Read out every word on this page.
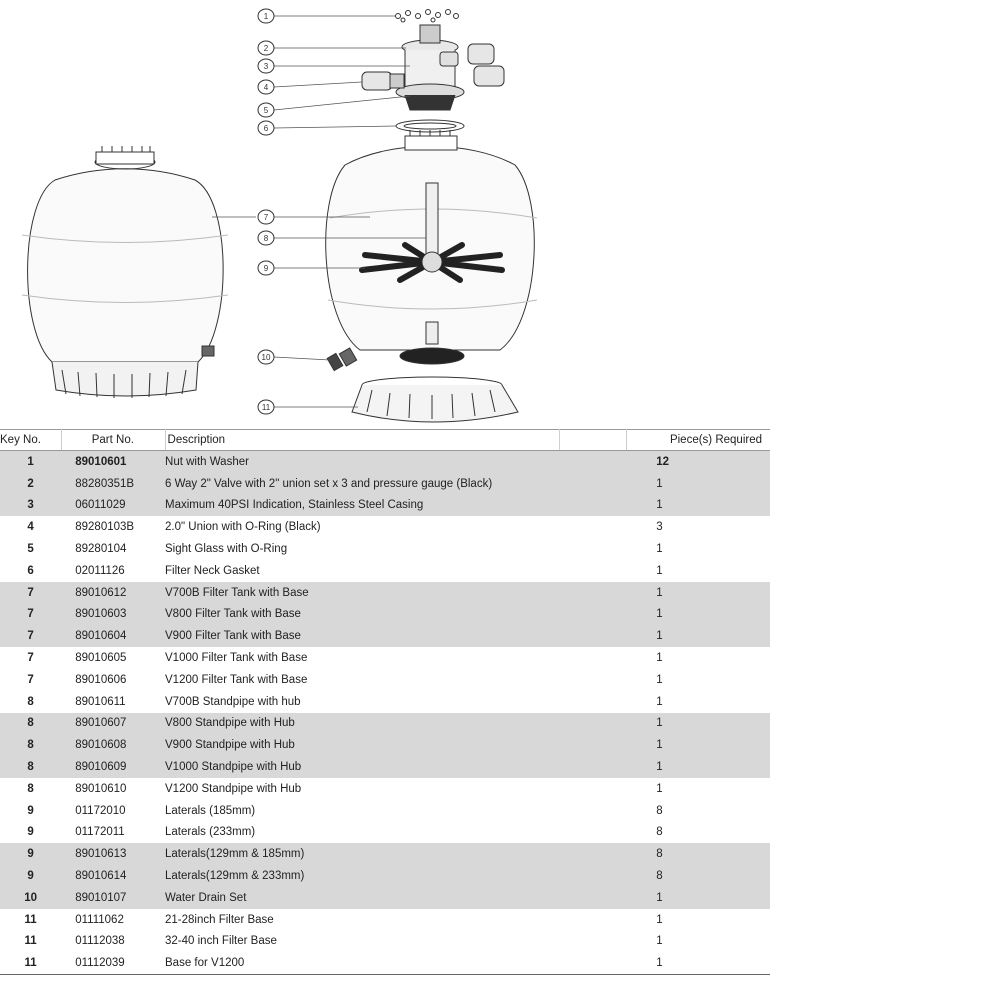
1
2
3
4
5
6
7
8
9
10
11
Key No.	Part No.	Description		Piece(s) Required
1	89010601	Nut with Washer		12
2	88280351B	6 Way 2" Valve with 2" union set x 3 and pressure gauge (Black)		1
3	06011029	Maximum 40PSI Indication, Stainless Steel Casing		1
4	89280103B	2.0" Union with O-Ring (Black)		3
5	89280104	Sight Glass with O-Ring		1
6	02011126	Filter Neck Gasket		1
7	89010612	V700B Filter Tank with Base		1
7	89010603	V800 Filter Tank with Base		1
7	89010604	V900 Filter Tank with Base		1
7	89010605	V1000 Filter Tank with Base		1
7	89010606	V1200 Filter Tank with Base		1
8	89010611	V700B Standpipe with hub		1
8	89010607	V800 Standpipe with Hub		1
8	89010608	V900 Standpipe with Hub		1
8	89010609	V1000 Standpipe with Hub		1
8	89010610	V1200 Standpipe with Hub		1
9	01172010	Laterals (185mm)		8
9	01172011	Laterals (233mm)		8
9	89010613	Laterals(129mm & 185mm)		8
9	89010614	Laterals(129mm & 233mm)		8
10	89010107	Water Drain Set		1
11	01111062	21-28inch Filter Base		1
11	01112038	32-40 inch Filter Base		1
11	01112039	Base for V1200		1
